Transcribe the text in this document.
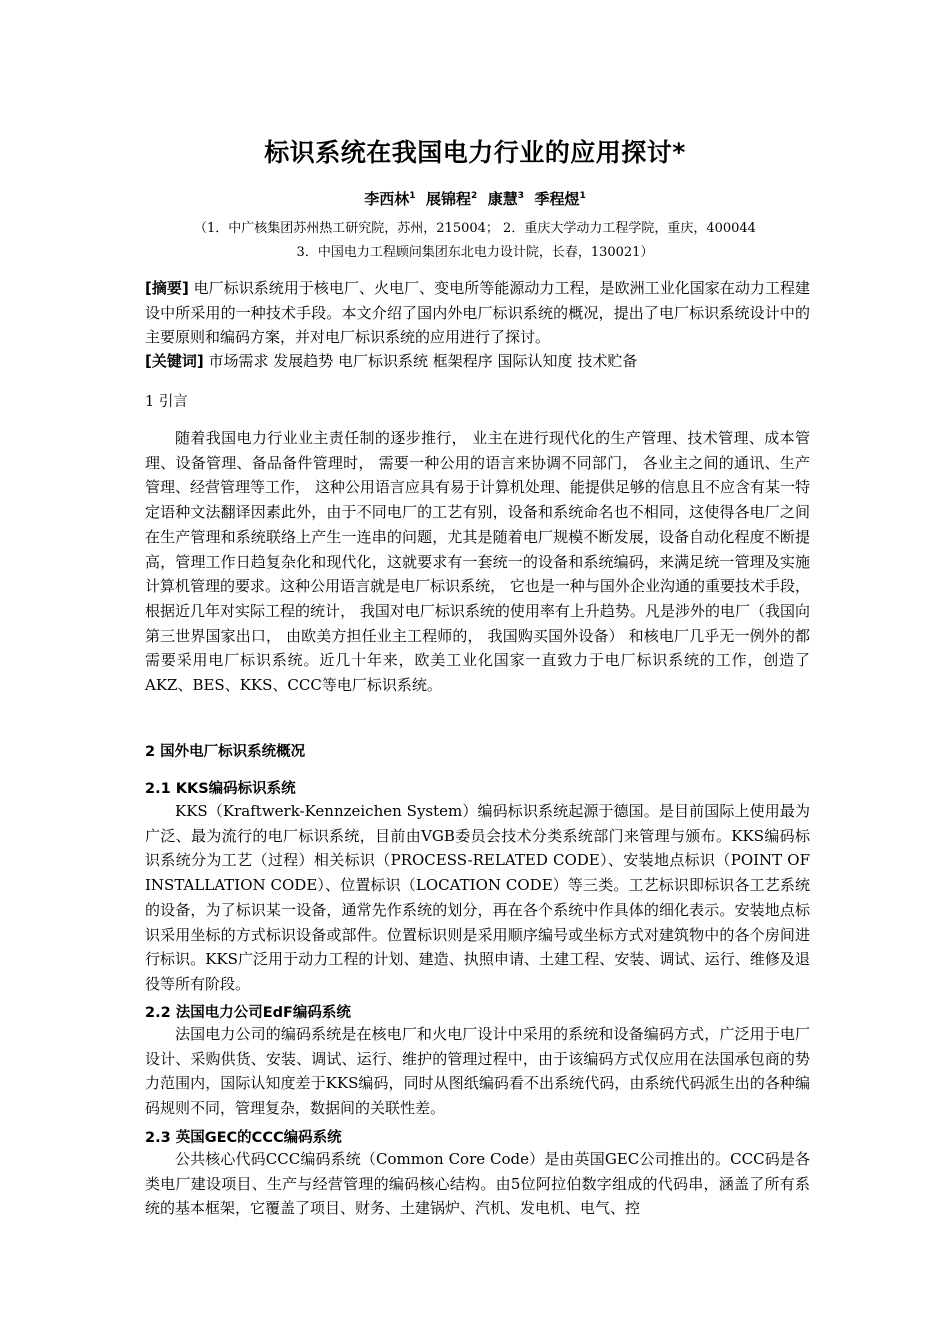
标识系统在我国电力行业的应用探讨*
李西林$^1$ 展锦程$^2$ 康慧$^3$ 季程煜$^1$
（1．中广核集团苏州热工研究院，苏州，215004； 2．重庆大学动力工程学院，重庆，400044
3．中国电力工程顾问集团东北电力设计院，长春，130021）

[摘要] 电厂标识系统用于核电厂、火电厂、变电所等能源动力工程，是欧洲工业化国家在动力工程建设中所采用的一种技术手段。本文介绍了国内外电厂标识系统的概况，提出了电厂标识系统设计中的主要原则和编码方案，并对电厂标识系统的应用进行了探讨。

[关键词] 市场需求 发展趋势 电厂标识系统 框架程序 国际认知度 技术贮备

1 引言

随着我国电力行业业主责任制的逐步推行， 业主在进行现代化的生产管理、技术管理、成本管理、设备管理、备品备件管理时， 需要一种公用的语言来协调不同部门， 各业主之间的通讯、生产管理、经营管理等工作， 这种公用语言应具有易于计算机处理、能提供足够的信息且不应含有某一特定语种文法翻译因素此外，由于不同电厂的工艺有别，设备和系统命名也不相同，这使得各电厂之间在生产管理和系统联络上产生一连串的问题，尤其是随着电厂规模不断发展，设备自动化程度不断提高，管理工作日趋复杂化和现代化，这就要求有一套统一的设备和系统编码，来满足统一管理及实施计算机管理的要求。这种公用语言就是电厂标识系统， 它也是一种与国外企业沟通的重要技术手段，根据近几年对实际工程的统计， 我国对电厂标识系统的使用率有上升趋势。凡是涉外的电厂（我国向第三世界国家出口， 由欧美方担任业主工程师的， 我国购买国外设备） 和核电厂几乎无一例外的都需要采用电厂标识系统。近几十年来，欧美工业化国家一直致力于电厂标识系统的工作，创造了AKZ、BES、KKS、CCC等电厂标识系统。

2 国外电厂标识系统概况
2.1 KKS编码标识系统

KKS（Kraftwerk-Kennzeichen System）编码标识系统起源于德国。是目前国际上使用最为广泛、最为流行的电厂标识系统，目前由VGB委员会技术分类系统部门来管理与颁布。KKS编码标识系统分为工艺（过程）相关标识（PROCESS-RELATED CODE）、安装地点标识（POINT OF INSTALLATION CODE）、位置标识（LOCATION CODE）等三类。工艺标识即标识各工艺系统的设备，为了标识某一设备，通常先作系统的划分，再在各个系统中作具体的细化表示。安装地点标识采用坐标的方式标识设备或部件。位置标识则是采用顺序编号或坐标方式对建筑物中的各个房间进行标识。KKS广泛用于动力工程的计划、建造、执照申请、土建工程、安装、调试、运行、维修及退役等所有阶段。

2.2 法国电力公司EdF编码系统

法国电力公司的编码系统是在核电厂和火电厂设计中采用的系统和设备编码方式，广泛用于电厂设计、采购供货、安装、调试、运行、维护的管理过程中，由于该编码方式仅应用在法国承包商的势力范围内，国际认知度差于KKS编码，同时从图纸编码看不出系统代码，由系统代码派生出的各种编码规则不同，管理复杂，数据间的关联性差。

2.3 英国GEC的CCC编码系统

公共核心代码CCC编码系统（Common Core Code）是由英国GEC公司推出的。CCC码是各类电厂建设项目、生产与经营管理的编码核心结构。由5位阿拉伯数字组成的代码串，涵盖了所有系统的基本框架，它覆盖了项目、财务、土建锅炉、汽机、发电机、电气、控
